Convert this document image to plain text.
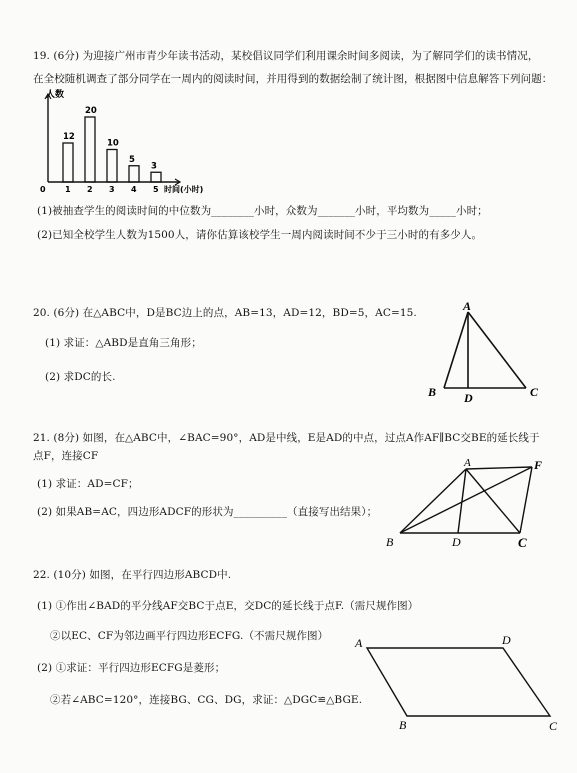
19. (6分) 为迎接广州市青少年读书活动，某校倡议同学们利用课余时间多阅读，为了解同学们的读书情况，
在全校随机调查了部分同学在一周内的阅读时间，并用得到的数据绘制了统计图，根据图中信息解答下列问题：
人数
时间(小时)
0
12
1
20
2
10
3
5
4
3
5
(1)被抽查学生的阅读时间的中位数为________小时，众数为_______小时，平均数为_____小时；
(2)已知全校学生人数为1500人，请你估算该校学生一周内阅读时间不少于三小时的有多少人。
20. (6分) 在△ABC中，D是BC边上的点，AB=13，AD=12，BD=5，AC=15.
(1) 求证：△ABD是直角三角形；
(2) 求DC的长.
A
B D	C
21. (8分) 如图，在△ABC中，∠BAC=90°，AD是中线，E是AD的中点，过点A作AF∥BC交BE的延长线于
点F，连接CF
(1) 求证：AD=CF；
(2) 如果AB=AC，四边形ADCF的形状为__________（直接写出结果）；
A	F
B	D	C
22. (10分) 如图，在平行四边形ABCD中.
(1) ①作出∠BAD的平分线AF交BC于点E，交DC的延长线于点F.（需尺规作图）
②以EC、CF为邻边画平行四边形ECFG.（不需尺规作图）
(2) ①求证：平行四边形ECFG是菱形；
②若∠ABC=120°，连接BG、CG、DG，求证：△DGC≌△BGE.
A	D
B	C
